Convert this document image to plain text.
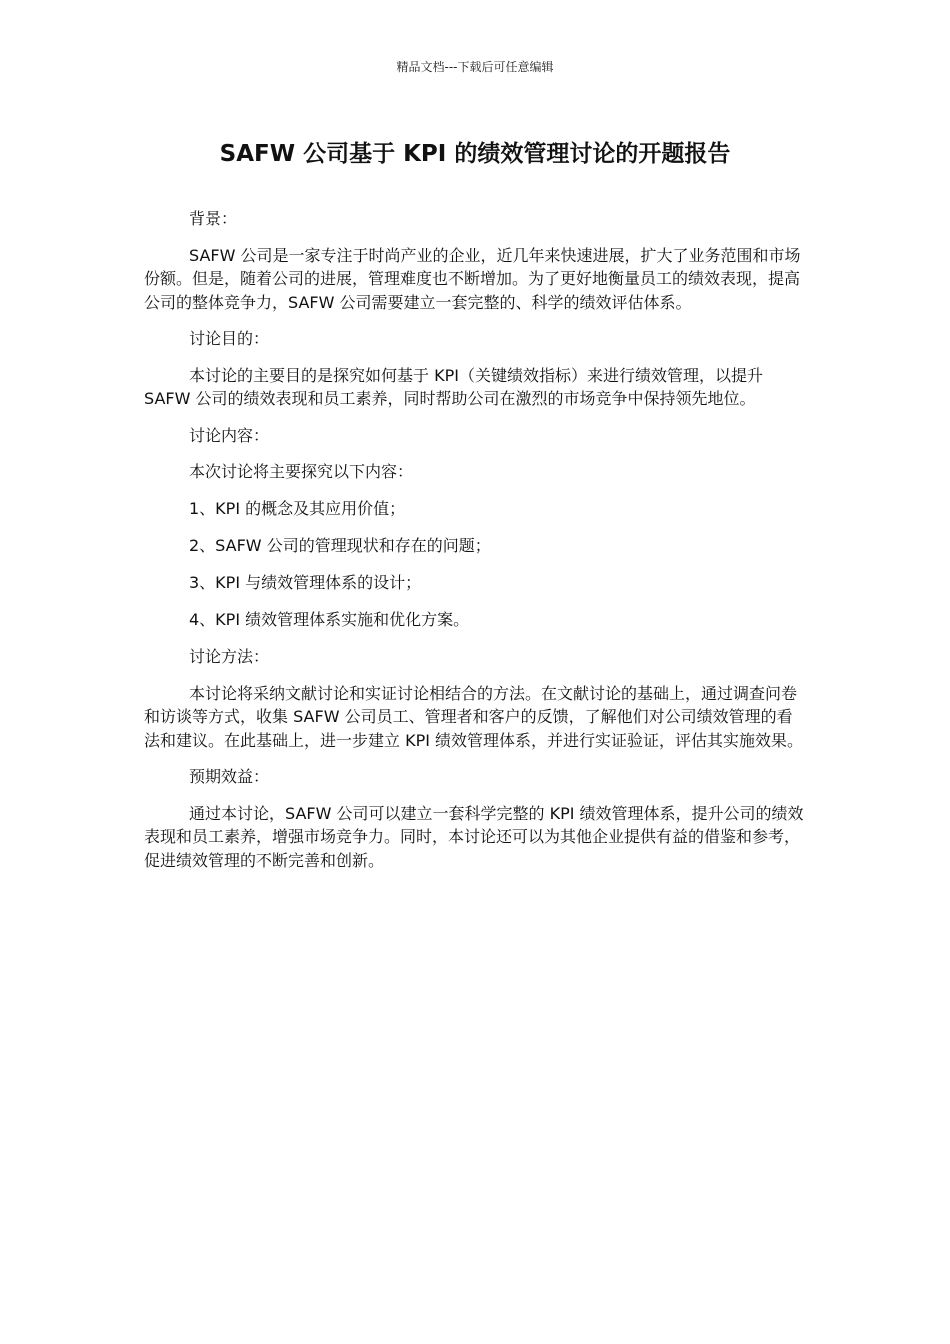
精品文档---下载后可任意编辑
SAFW 公司基于 KPI 的绩效管理讨论的开题报告

背景：

SAFW 公司是一家专注于时尚产业的企业，近几年来快速进展，扩大了业务范围和市场份额。但是，随着公司的进展，管理难度也不断增加。为了更好地衡量员工的绩效表现，提高公司的整体竞争力，SAFW 公司需要建立一套完整的、科学的绩效评估体系。

讨论目的：

本讨论的主要目的是探究如何基于 KPI（关键绩效指标）来进行绩效管理，以提升 SAFW 公司的绩效表现和员工素养，同时帮助公司在激烈的市场竞争中保持领先地位。

讨论内容：

本次讨论将主要探究以下内容：

1、KPI 的概念及其应用价值；

2、SAFW 公司的管理现状和存在的问题；

3、KPI 与绩效管理体系的设计；

4、KPI 绩效管理体系实施和优化方案。

讨论方法：

本讨论将采纳文献讨论和实证讨论相结合的方法。在文献讨论的基础上，通过调查问卷和访谈等方式，收集 SAFW 公司员工、管理者和客户的反馈，了解他们对公司绩效管理的看法和建议。在此基础上，进一步建立 KPI 绩效管理体系，并进行实证验证，评估其实施效果。

预期效益：

通过本讨论，SAFW 公司可以建立一套科学完整的 KPI 绩效管理体系，提升公司的绩效表现和员工素养，增强市场竞争力。同时，本讨论还可以为其他企业提供有益的借鉴和参考，促进绩效管理的不断完善和创新。
